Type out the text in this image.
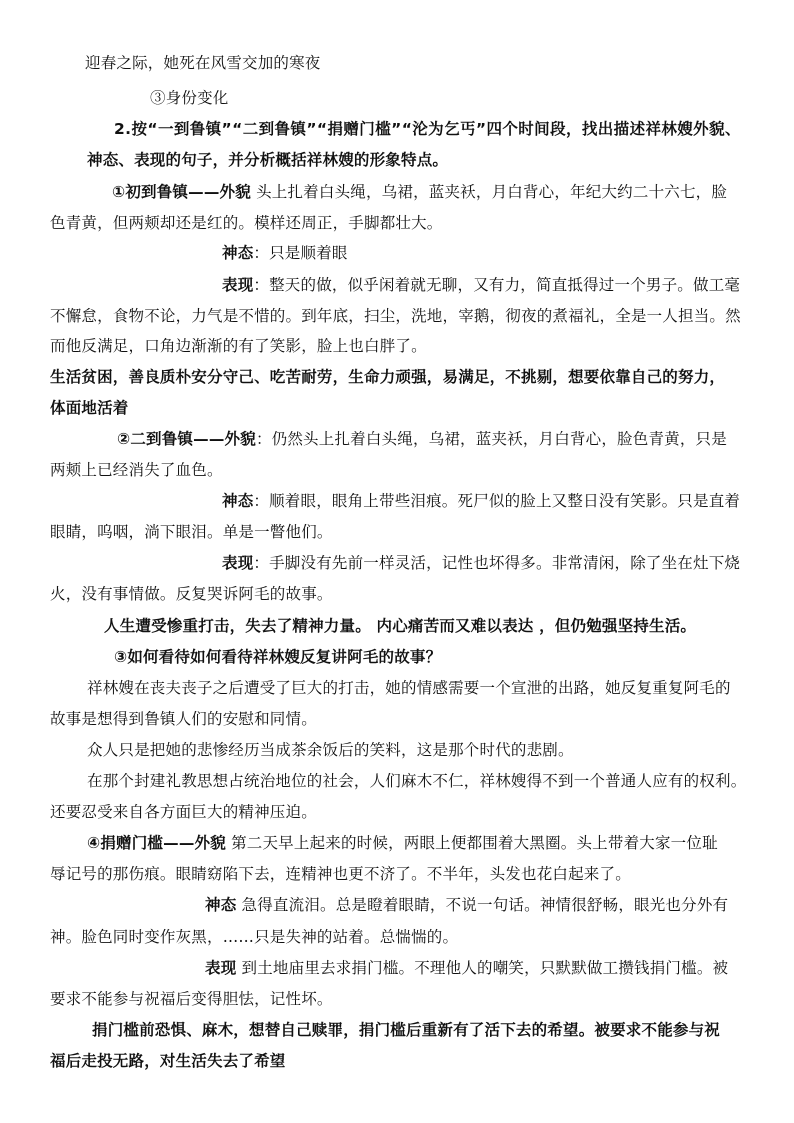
迎春之际，她死在风雪交加的寒夜
③身份变化
2.按“一到鲁镇”“二到鲁镇”“捐赠门槛”“沦为乞丐”四个时间段，找出描述祥林嫂外貌、
神态、表现的句子，并分析概括祥林嫂的形象特点。
①初到鲁镇——外貌 头上扎着白头绳，乌裙，蓝夹袄，月白背心，年纪大约二十六七，脸
色青黄，但两颊却还是红的。模样还周正，手脚都壮大。
神态：只是顺着眼
表现：整天的做，似乎闲着就无聊，又有力，简直抵得过一个男子。做工毫
不懈怠，食物不论，力气是不惜的。到年底，扫尘，洗地，宰鹅，彻夜的煮福礼，全是一人担当。然
而他反满足，口角边渐渐的有了笑影，脸上也白胖了。
生活贫困，善良质朴安分守己、吃苦耐劳，生命力顽强，易满足，不挑剔，想要依靠自己的努力，
体面地活着
②二到鲁镇——外貌：仍然头上扎着白头绳，乌裙，蓝夹袄，月白背心，脸色青黄，只是
两颊上已经消失了血色。
神态：顺着眼，眼角上带些泪痕。死尸似的脸上又整日没有笑影。只是直着
眼睛，呜咽，淌下眼泪。单是一瞥他们。
表现：手脚没有先前一样灵活，记性也坏得多。非常清闲，除了坐在灶下烧
火，没有事情做。反复哭诉阿毛的故事。
人生遭受惨重打击，失去了精神力量。 内心痛苦而又难以表达 ，但仍勉强坚持生活。
③如何看待如何看待祥林嫂反复讲阿毛的故事？
祥林嫂在丧夫丧子之后遭受了巨大的打击，她的情感需要一个宣泄的出路，她反复重复阿毛的
故事是想得到鲁镇人们的安慰和同情。
众人只是把她的悲惨经历当成茶余饭后的笑料，这是那个时代的悲剧。
在那个封建礼教思想占统治地位的社会，人们麻木不仁，祥林嫂得不到一个普通人应有的权利。
还要忍受来自各方面巨大的精神压迫。
④捐赠门槛——外貌 第二天早上起来的时候，两眼上便都围着大黑圈。头上带着大家一位耻
辱记号的那伤痕。眼睛窈陷下去，连精神也更不济了。不半年，头发也花白起来了。
神态 急得直流泪。总是瞪着眼睛，不说一句话。神情很舒畅，眼光也分外有
神。脸色同时变作灰黑，……只是失神的站着。总惴惴的。
表现 到土地庙里去求捐门槛。不理他人的嘲笑，只默默做工攒钱捐门槛。被
要求不能参与祝福后变得胆怯，记性坏。
捐门槛前恐惧、麻木，想替自己赎罪，捐门槛后重新有了活下去的希望。被要求不能参与祝
福后走投无路，对生活失去了希望
